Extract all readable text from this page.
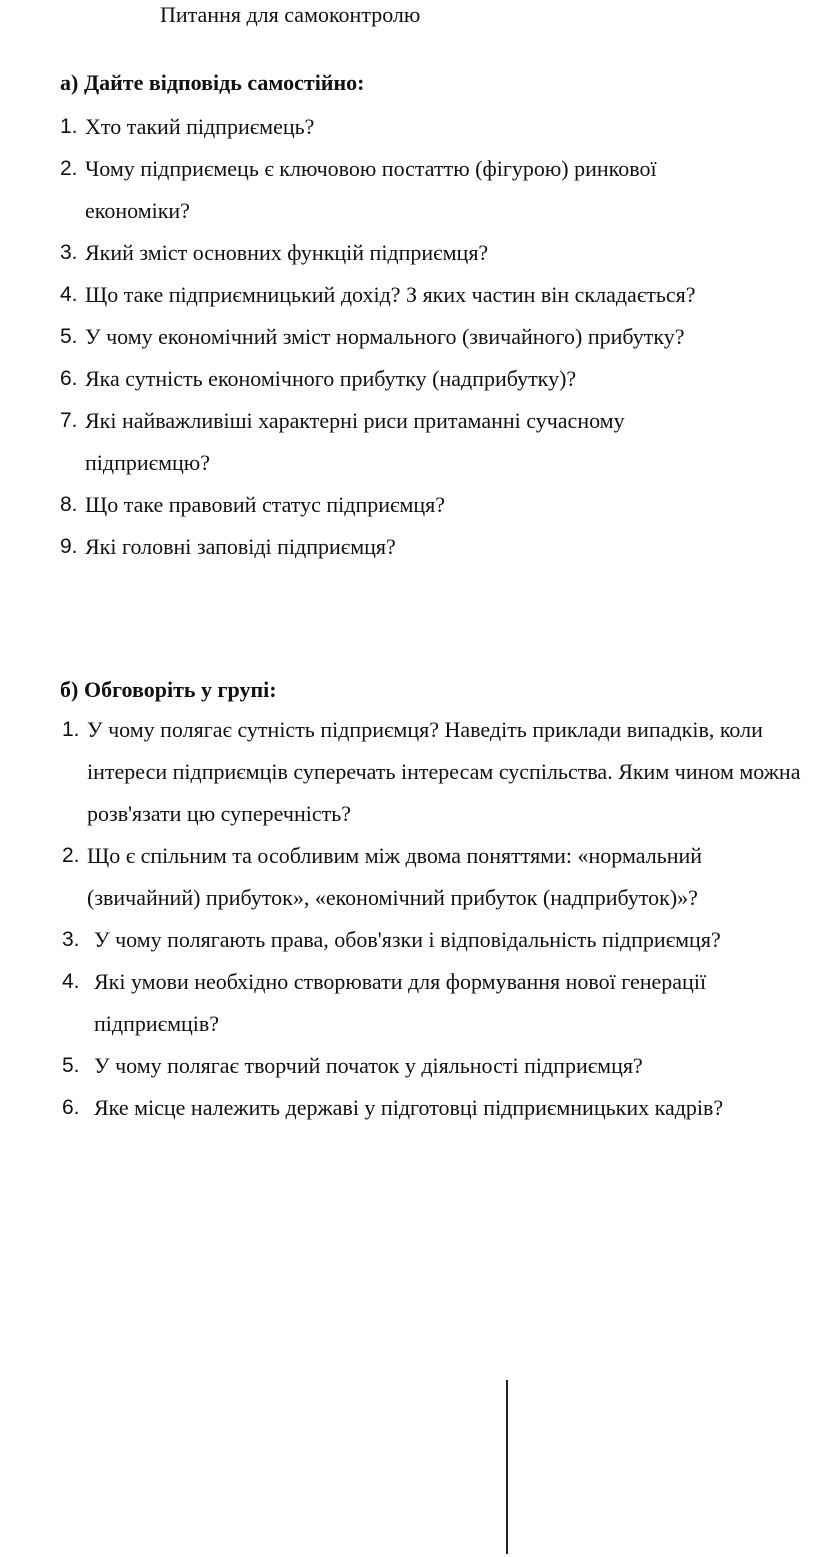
Питання для самоконтролю
а) Дайте відповідь самостійно:
1. Хто такий підприємець?
2. Чому підприємець є ключовою постаттю (фігурою) ринкової економіки?
3. Який зміст основних функцій підприємця?
4. Що таке підприємницький дохід? З яких частин він складається?
5. У чому економічний зміст нормального (звичайного) прибутку?
6. Яка сутність економічного прибутку (надприбутку)?
7. Які найважливіші характерні риси притаманні сучасному підприємцю?
8. Що таке правовий статус підприємця?
9. Які головні заповіді підприємця?
б) Обговоріть у групі:
1. У чому полягає сутність підприємця? Наведіть приклади випадків, коли інтереси підприємців суперечать інтересам суспільства. Яким чином можна розв'язати цю суперечність?
2. Що є спільним та особливим між двома поняттями: «нормальний (звичайний) прибуток», «економічний прибуток (надприбуток)»?
3. У чому полягають права, обов'язки і відповідальність підприємця?
4. Які умови необхідно створювати для формування нової генерації підприємців?
5. У чому полягає творчий початок у діяльності підприємця?
6. Яке місце належить державі у підготовці підприємницьких кадрів?
